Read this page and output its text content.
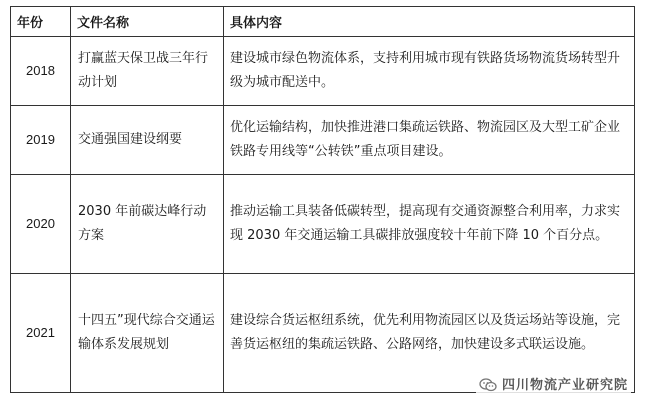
年份	文件名称	具体内容
2018	打赢蓝天保卫战三年行动计划	建设城市绿色物流体系，支持利用城市现有铁路货场物流货场转型升级为城市配送中。
2019	交通强国建设纲要	优化运输结构，加快推进港口集疏运铁路、物流园区及大型工矿企业铁路专用线等“公转铁”重点项目建设。
2020	2030 年前碳达峰行动方案	推动运输工具装备低碳转型，提高现有交通资源整合利用率，力求实现 2030 年交通运输工具碳排放强度较十年前下降 10 个百分点。
2021	十四五”现代综合交通运输体系发展规划	建设综合货运枢纽系统，优先利用物流园区以及货运场站等设施，完善货运枢纽的集疏运铁路、公路网络，加快建设多式联运设施。
四川物流产业研究院
